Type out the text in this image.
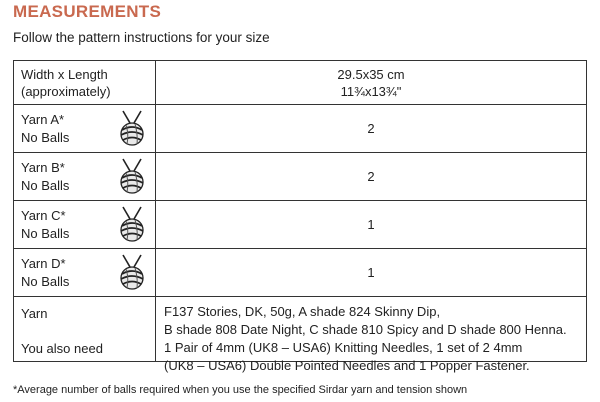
MEASUREMENTS
Follow the pattern instructions for your size
Width x Length
(approximately)
29.5x35 cm
11¾x13¾"
Yarn A*
No Balls
2
Yarn B*
No Balls
2
Yarn C*
No Balls
1
Yarn D*
No Balls
1
Yarn
You also need
F137 Stories, DK, 50g, A shade 824 Skinny Dip,
B shade 808 Date Night, C shade 810 Spicy and D shade 800 Henna.
1 Pair of 4mm (UK8 – USA6) Knitting Needles, 1 set of 2 4mm
(UK8 – USA6) Double Pointed Needles and 1 Popper Fastener.
*Average number of balls required when you use the specified Sirdar yarn and tension shown
